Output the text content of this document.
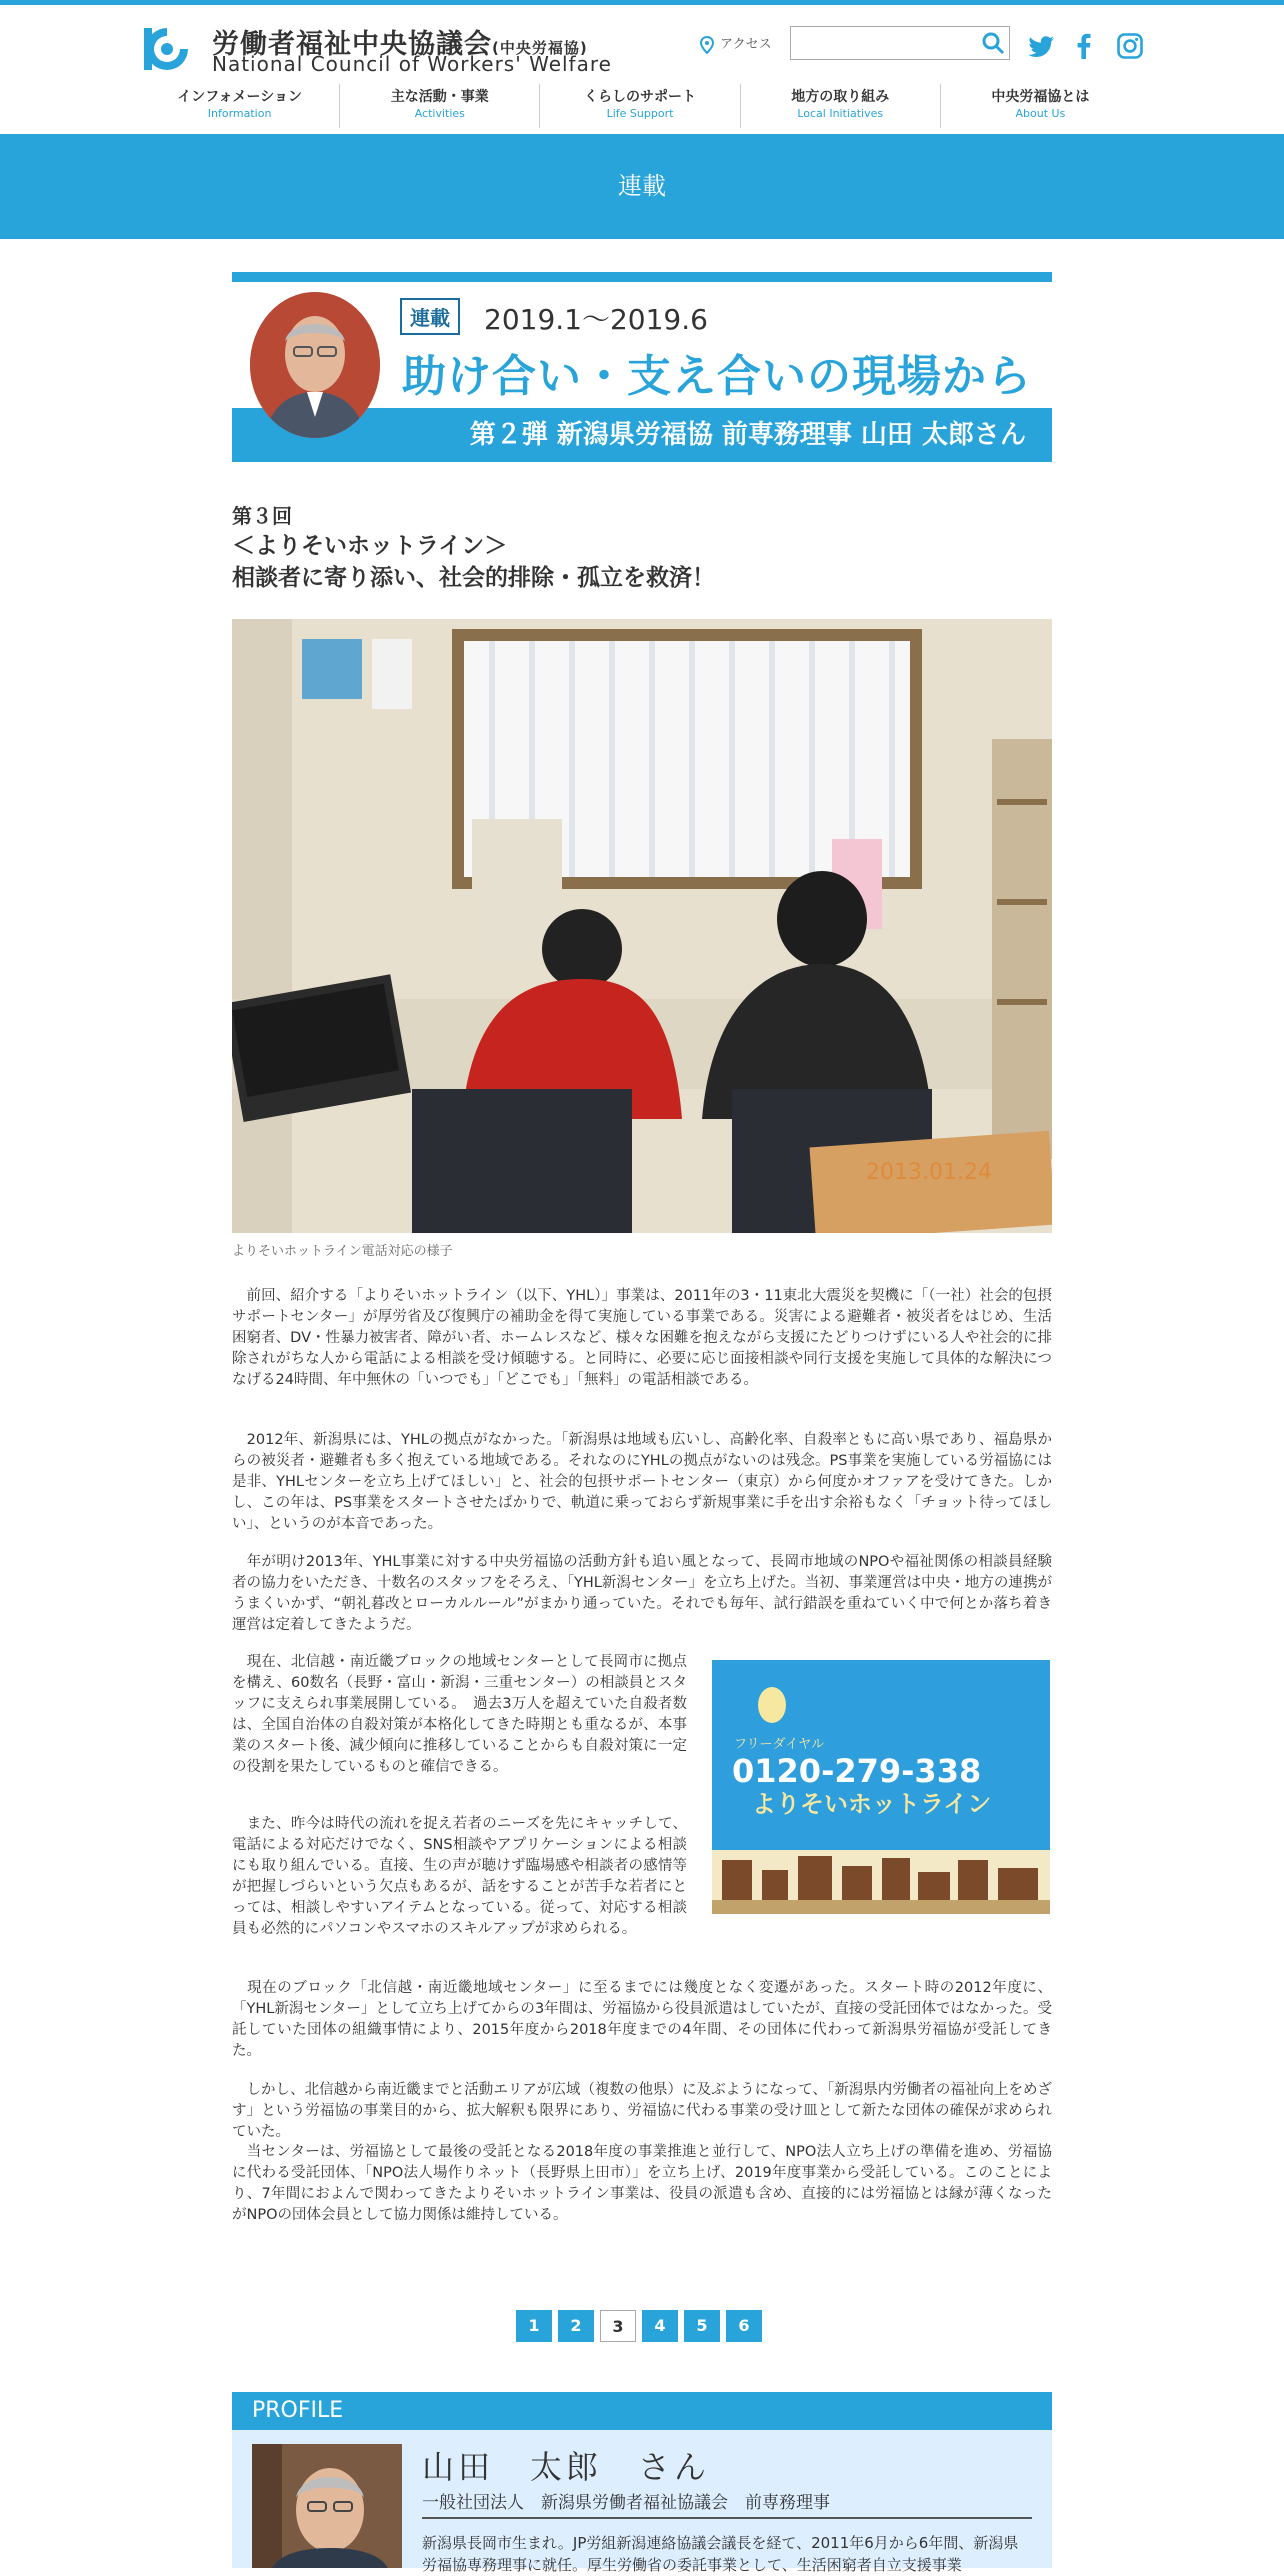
労働者福祉中央協議会(中央労福協)
National Council of Workers' Welfare
アクセス
インフォメーション
Information
主な活動・事業
Activities
くらしのサポート
Life Support
地方の取り組み
Local Initiatives
中央労福協とは
About Us
連載
第２弾 新潟県労福協 前専務理事 山田 太郎さん
連載	2019.1〜2019.6
助け合い・支え合いの現場から
第３回
＜よりそいホットライン＞
相談者に寄り添い、社会的排除・孤立を救済！
2013.01.24
よりそいホットライン電話対応の様子

　前回、紹介する「よりそいホットライン（以下、YHL）」事業は、2011年の3・11東北大震災を契機に「（一社）社会的包摂サポートセンター」が厚労省及び復興庁の補助金を得て実施している事業である。災害による避難者・被災者をはじめ、生活困窮者、DV・性暴力被害者、障がい者、ホームレスなど、様々な困難を抱えながら支援にたどりつけずにいる人や社会的に排除されがちな人から電話による相談を受け傾聴する。と同時に、必要に応じ面接相談や同行支援を実施して具体的な解決につなげる24時間、年中無休の「いつでも」「どこでも」「無料」の電話相談である。

　2012年、新潟県には、YHLの拠点がなかった。「新潟県は地域も広いし、高齢化率、自殺率ともに高い県であり、福島県からの被災者・避難者も多く抱えている地域である。それなのにYHLの拠点がないのは残念。PS事業を実施している労福協には是非、YHLセンターを立ち上げてほしい」と、社会的包摂サポートセンター（東京）から何度かオファアを受けてきた。しかし、この年は、PS事業をスタートさせたばかりで、軌道に乗っておらず新規事業に手を出す余裕もなく「チョット待ってほしい」、というのが本音であった。

　年が明け2013年、YHL事業に対する中央労福協の活動方針も追い風となって、長岡市地域のNPOや福祉関係の相談員経験者の協力をいただき、十数名のスタッフをそろえ、「YHL新潟センター」を立ち上げた。当初、事業運営は中央・地方の連携がうまくいかず、“朝礼暮改とローカルルール”がまかり通っていた。それでも毎年、試行錯誤を重ねていく中で何とか落ち着き運営は定着してきたようだ。

　現在、北信越・南近畿ブロックの地域センターとして長岡市に拠点を構え、60数名（長野・富山・新潟・三重センター）の相談員とスタッフに支えられ事業展開している。　過去3万人を超えていた自殺者数は、全国自治体の自殺対策が本格化してきた時期とも重なるが、本事業のスタート後、減少傾向に推移していることからも自殺対策に一定の役割を果たしているものと確信できる。

　また、昨今は時代の流れを捉え若者のニーズを先にキャッチして、電話による対応だけでなく、SNS相談やアプリケーションによる相談にも取り組んでいる。直接、生の声が聴けず臨場感や相談者の感情等が把握しづらいという欠点もあるが、話をすることが苦手な若者にとっては、相談しやすいアイテムとなっている。従って、対応する相談員も必然的にパソコンやスマホのスキルアップが求められる。

　現在のブロック「北信越・南近畿地域センター」に至るまでには幾度となく変遷があった。スタート時の2012年度に、「YHL新潟センター」として立ち上げてからの3年間は、労福協から役員派遣はしていたが、直接の受託団体ではなかった。受託していた団体の組織事情により、2015年度から2018年度までの4年間、その団体に代わって新潟県労福協が受託してきた。

　しかし、北信越から南近畿までと活動エリアが広域（複数の他県）に及ぶようになって、「新潟県内労働者の福祉向上をめざす」という労福協の事業目的から、拡大解釈も限界にあり、労福協に代わる事業の受け皿として新たな団体の確保が求められていた。

　当センターは、労福協として最後の受託となる2018年度の事業推進と並行して、NPO法人立ち上げの準備を進め、労福協に代わる受託団体、「NPO法人場作りネット（長野県上田市）」を立ち上げ、2019年度事業から受託している。このことにより、7年間におよんで関わってきたよりそいホットライン事業は、役員の派遣も含め、直接的には労福協とは縁が薄くなったがNPOの団体会員として協力関係は維持している。

フリーダイヤル
0120-279-338
よりそいホットライン
1	2	3	4	5	6
PROFILE
山田　太郎　さん
一般社団法人　新潟県労働者福祉協議会　前専務理事

新潟県長岡市生まれ。JP労組新潟連絡協議会議長を経て、2011年6月から6年間、新潟県労福協専務理事に就任。厚生労働省の委託事業として、生活困窮者自立支援事業
